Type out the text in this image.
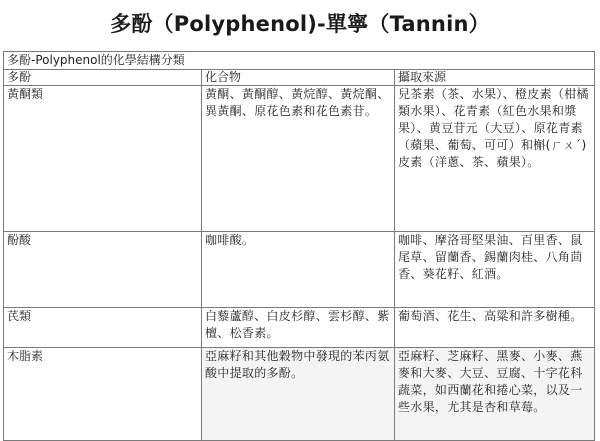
多酚（Polyphenol)-單寧（Tannin）
多酚-Polyphenol的化學結構分類		
多酚	化合物	攝取來源
黃酮類	黃酮、黃酮醇、黃烷醇、黃烷酮、異黃酮、原花色素和花色素苷。	兒茶素（茶、水果）、橙皮素（柑橘類水果）、花青素（紅色水果和漿果）、黄豆苷元（大豆）、原花青素（蘋果、葡萄、可可）和槲(ㄏㄨˊ)皮素（洋蔥、茶、蘋果）。
酚酸	咖啡酸。	咖啡、摩洛哥堅果油、百里香、鼠尾草、留蘭香、錫蘭肉桂、八角茴香、葵花籽、紅酒。
芪類	白藜蘆醇、白皮杉醇、雲杉醇、紫檀、松香素。	葡萄酒、花生、高粱和許多樹種。
木脂素	亞麻籽和其他穀物中發現的苯丙氨酸中提取的多酚。	亞麻籽、芝麻籽、黑麥、小麥、燕麥和大麥、大豆、豆腐、十字花科蔬菜，如西蘭花和捲心菜，以及一些水果，尤其是杏和草莓。
